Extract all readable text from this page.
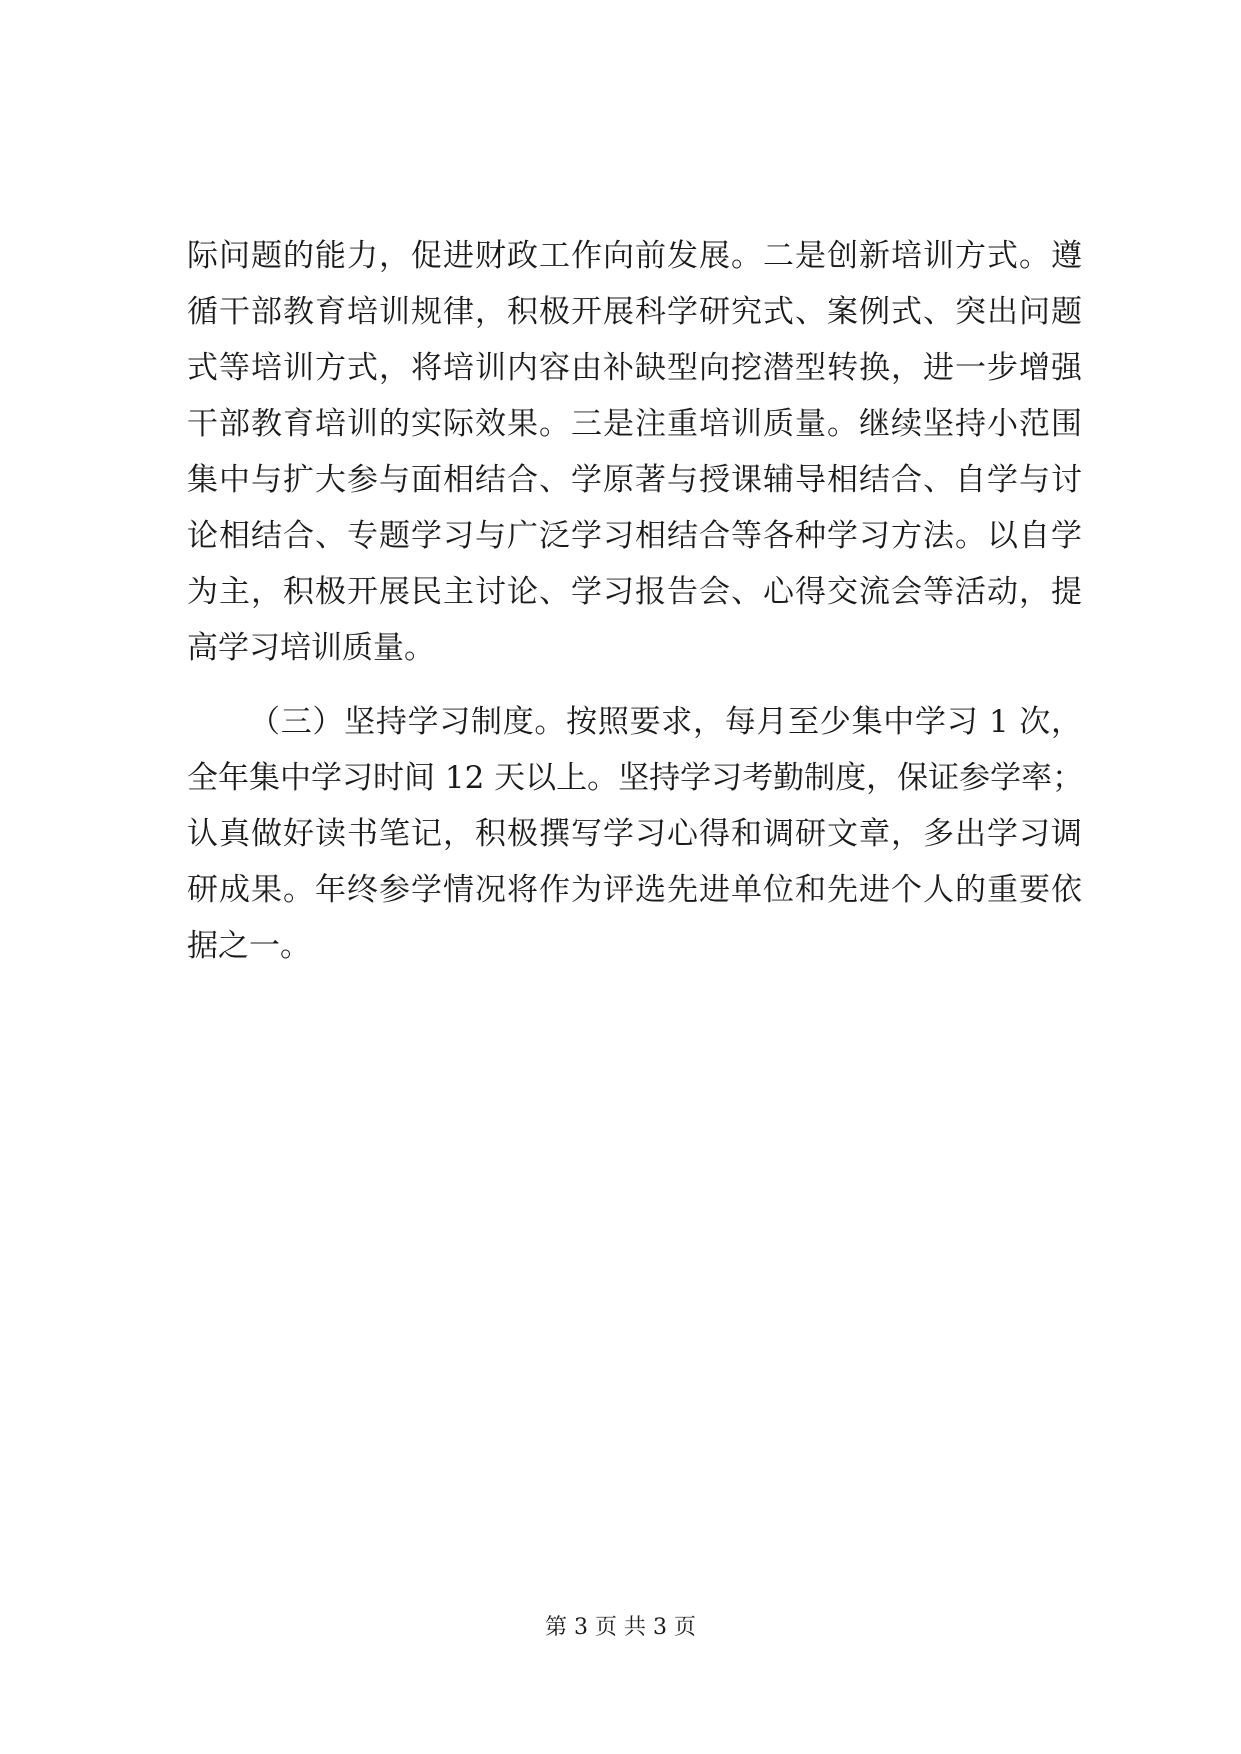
际问题的能力，促进财政工作向前发展。二是创新培训方式。遵
循干部教育培训规律，积极开展科学研究式、案例式、突出问题
式等培训方式，将培训内容由补缺型向挖潜型转换，进一步增强
干部教育培训的实际效果。三是注重培训质量。继续坚持小范围
集中与扩大参与面相结合、学原著与授课辅导相结合、自学与讨
论相结合、专题学习与广泛学习相结合等各种学习方法。以自学
为主，积极开展民主讨论、学习报告会、心得交流会等活动，提
高学习培训质量。
（三）坚持学习制度。按照要求，每月至少集中学习 1 次，
全年集中学习时间 12 天以上。坚持学习考勤制度，保证参学率；
认真做好读书笔记，积极撰写学习心得和调研文章，多出学习调
研成果。年终参学情况将作为评选先进单位和先进个人的重要依
据之一。
第 3 页 共 3 页
